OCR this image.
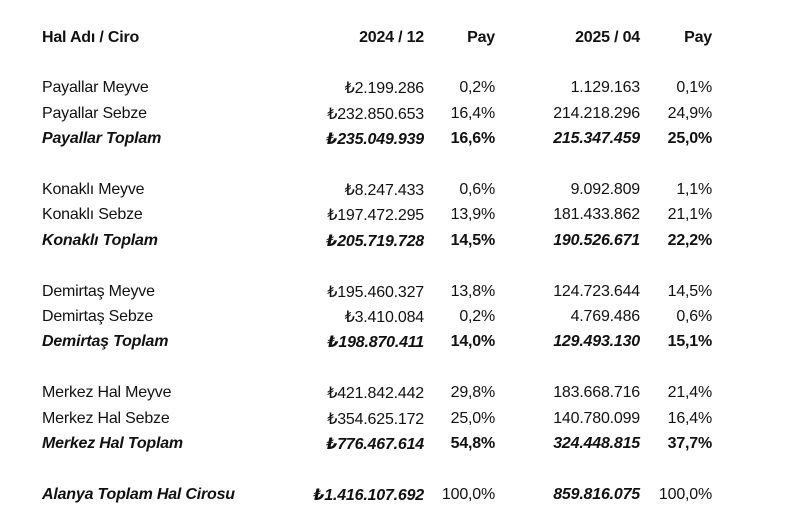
Hal Adı / Ciro	2024 / 12	Pay	2025 / 04	Pay

Payallar Meyve	₺2.199.286	0,2%	1.129.163	0,1%
Payallar Sebze	₺232.850.653	16,4%	214.218.296	24,9%
Payallar Toplam	₺235.049.939	16,6%	215.347.459	25,0%

Konaklı Meyve	₺8.247.433	0,6%	9.092.809	1,1%
Konaklı Sebze	₺197.472.295	13,9%	181.433.862	21,1%
Konaklı Toplam	₺205.719.728	14,5%	190.526.671	22,2%

Demirtaş Meyve	₺195.460.327	13,8%	124.723.644	14,5%
Demirtaş Sebze	₺3.410.084	0,2%	4.769.486	0,6%
Demirtaş Toplam	₺198.870.411	14,0%	129.493.130	15,1%

Merkez Hal Meyve	₺421.842.442	29,8%	183.668.716	21,4%
Merkez Hal Sebze	₺354.625.172	25,0%	140.780.099	16,4%
Merkez Hal Toplam	₺776.467.614	54,8%	324.448.815	37,7%

Alanya Toplam Hal Cirosu	₺1.416.107.692	100,0%	859.816.075	100,0%
